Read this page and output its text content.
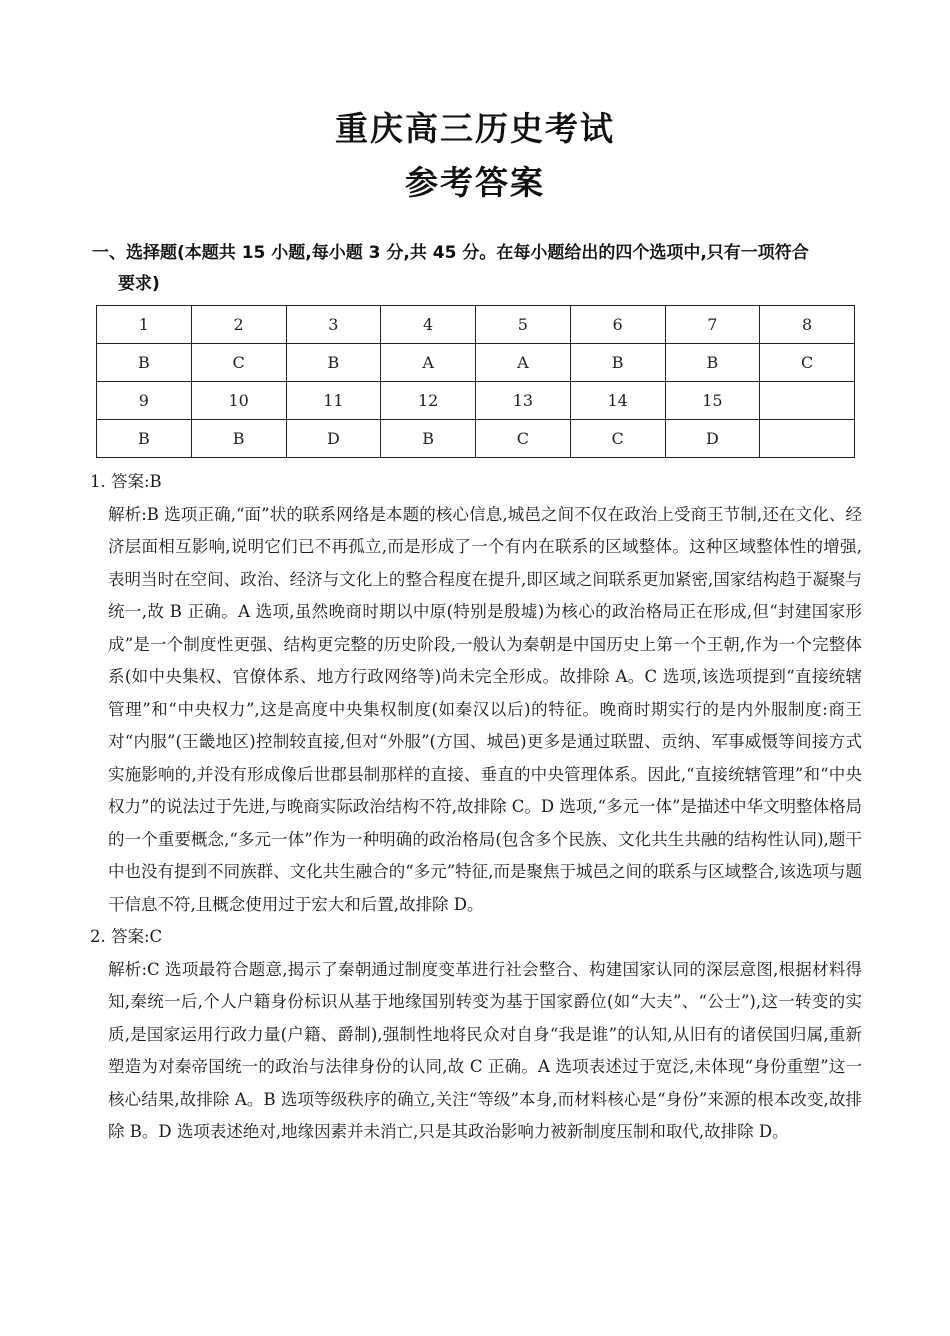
重庆高三历史考试
参考答案
一、选择题(本题共 15 小题,每小题 3 分,共 45 分。在每小题给出的四个选项中,只有一项符合
要求)
1	2	3	4	5	6	7	8
B	C	B	A	A	B	B	C
9	10	11	12	13	14	15	
B	B	D	B	C	C	D	

1. 答案:B

解析:B 选项正确,“面”状的联系网络是本题的核心信息,城邑之间不仅在政治上受商王节制,还在文化、经济层面相互影响,说明它们已不再孤立,而是形成了一个有内在联系的区域整体。这种区域整体性的增强,表明当时在空间、政治、经济与文化上的整合程度在提升,即区域之间联系更加紧密,国家结构趋于凝聚与统一,故 B 正确。A 选项,虽然晚商时期以中原(特别是殷墟)为核心的政治格局正在形成,但“封建国家形成”是一个制度性更强、结构更完整的历史阶段,一般认为秦朝是中国历史上第一个王朝,作为一个完整体系(如中央集权、官僚体系、地方行政网络等)尚未完全形成。故排除 A。C 选项,该选项提到“直接统辖管理”和“中央权力”,这是高度中央集权制度(如秦汉以后)的特征。晚商时期实行的是内外服制度:商王对“内服”(王畿地区)控制较直接,但对“外服”(方国、城邑)更多是通过联盟、贡纳、军事威慑等间接方式实施影响的,并没有形成像后世郡县制那样的直接、垂直的中央管理体系。因此,“直接统辖管理”和“中央权力”的说法过于先进,与晚商实际政治结构不符,故排除 C。D 选项,“多元一体”是描述中华文明整体格局的一个重要概念,“多元一体”作为一种明确的政治格局(包含多个民族、文化共生共融的结构性认同),题干中也没有提到不同族群、文化共生融合的“多元”特征,而是聚焦于城邑之间的联系与区域整合,该选项与题干信息不符,且概念使用过于宏大和后置,故排除 D。

2. 答案:C

解析:C 选项最符合题意,揭示了秦朝通过制度变革进行社会整合、构建国家认同的深层意图,根据材料得知,秦统一后,个人户籍身份标识从基于地缘国别转变为基于国家爵位(如“大夫”、“公士”),这一转变的实质,是国家运用行政力量(户籍、爵制),强制性地将民众对自身“我是谁”的认知,从旧有的诸侯国归属,重新塑造为对秦帝国统一的政治与法律身份的认同,故 C 正确。A 选项表述过于宽泛,未体现“身份重塑”这一核心结果,故排除 A。B 选项等级秩序的确立,关注“等级”本身,而材料核心是“身份”来源的根本改变,故排除 B。D 选项表述绝对,地缘因素并未消亡,只是其政治影响力被新制度压制和取代,故排除 D。
